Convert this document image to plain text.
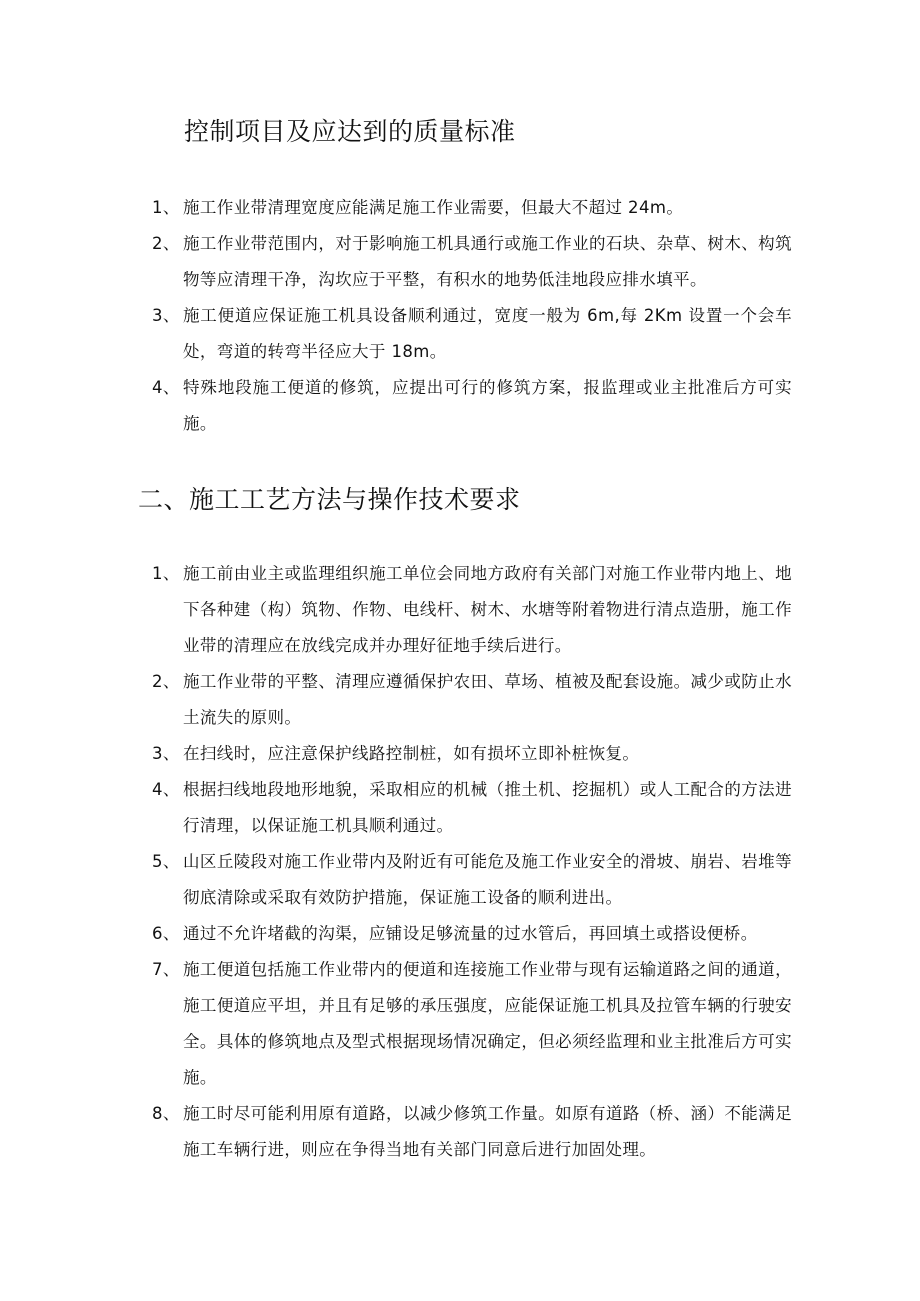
控制项目及应达到的质量标准
1、 施工作业带清理宽度应能满足施工作业需要，但最大不超过 24m。
2、 施工作业带范围内，对于影响施工机具通行或施工作业的石块、杂草、树木、构筑物等应清理干净，沟坎应于平整，有积水的地势低洼地段应排水填平。
3、 施工便道应保证施工机具设备顺利通过，宽度一般为 6m,每 2Km 设置一个会车处，弯道的转弯半径应大于 18m。
4、 特殊地段施工便道的修筑，应提出可行的修筑方案，报监理或业主批准后方可实施。
二、施工工艺方法与操作技术要求
1、 施工前由业主或监理组织施工单位会同地方政府有关部门对施工作业带内地上、地下各种建（构）筑物、作物、电线杆、树木、水塘等附着物进行清点造册，施工作业带的清理应在放线完成并办理好征地手续后进行。
2、 施工作业带的平整、清理应遵循保护农田、草场、植被及配套设施。减少或防止水土流失的原则。
3、 在扫线时，应注意保护线路控制桩，如有损坏立即补桩恢复。
4、 根据扫线地段地形地貌，采取相应的机械（推土机、挖掘机）或人工配合的方法进行清理，以保证施工机具顺利通过。
5、 山区丘陵段对施工作业带内及附近有可能危及施工作业安全的滑坡、崩岩、岩堆等彻底清除或采取有效防护措施，保证施工设备的顺利进出。
6、 通过不允许堵截的沟渠，应铺设足够流量的过水管后，再回填土或搭设便桥。
7、 施工便道包括施工作业带内的便道和连接施工作业带与现有运输道路之间的通道，施工便道应平坦，并且有足够的承压强度，应能保证施工机具及拉管车辆的行驶安全。具体的修筑地点及型式根据现场情况确定，但必须经监理和业主批准后方可实施。
8、 施工时尽可能利用原有道路，以减少修筑工作量。如原有道路（桥、涵）不能满足施工车辆行进，则应在争得当地有关部门同意后进行加固处理。
